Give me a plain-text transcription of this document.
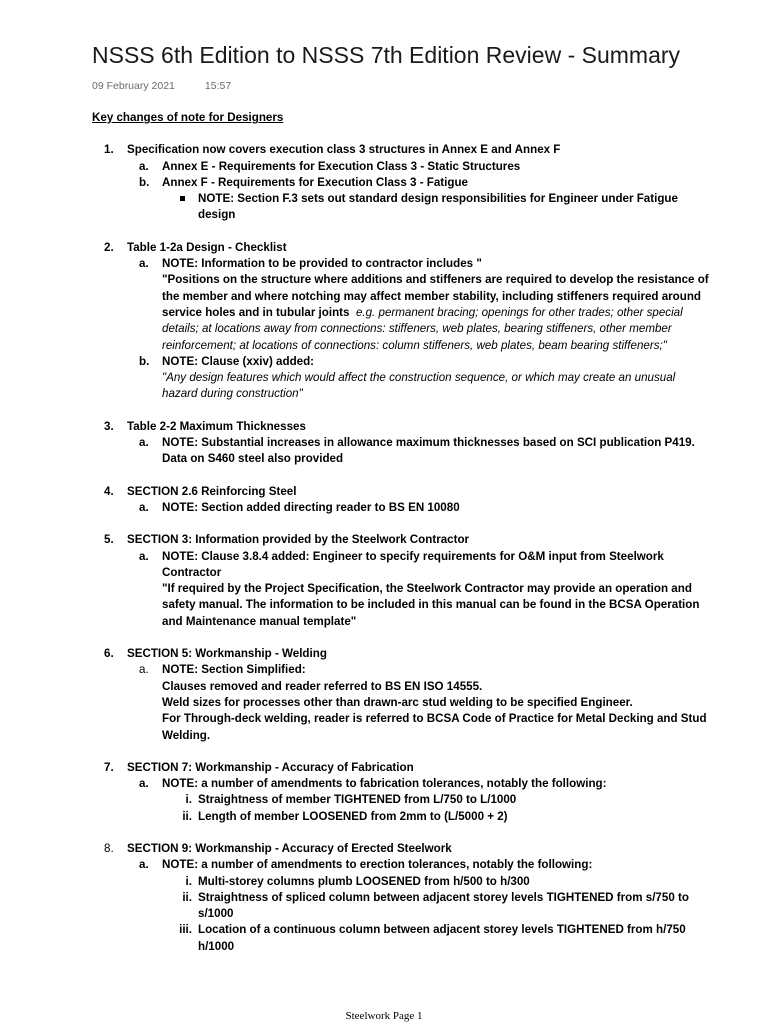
NSSS 6th Edition to NSSS 7th Edition Review - Summary
09 February 2021	15:57
Key changes of note for Designers
1. Specification now covers execution class 3 structures in Annex E and Annex F
a. Annex E - Requirements for Execution Class 3 - Static Structures
b. Annex F - Requirements for Execution Class 3 - Fatigue
NOTE: Section F.3 sets out standard design responsibilities for Engineer under Fatigue design
2. Table 1-2a Design - Checklist
a. NOTE: Information to be provided to contractor includes "
"Positions on the structure where additions and stiffeners are required to develop the resistance of the member and where notching may affect member stability, including stiffeners required around service holes and in tubular joints e.g. permanent bracing; openings for other trades; other special details; at locations away from connections: stiffeners, web plates, bearing stiffeners, other member reinforcement; at locations of connections: column stiffeners, web plates, beam bearing stiffeners;"
b. NOTE: Clause (xxiv) added:
"Any design features which would affect the construction sequence, or which may create an unusual hazard during construction"
3. Table 2-2 Maximum Thicknesses
a. NOTE: Substantial increases in allowance maximum thicknesses based on SCI publication P419. Data on S460 steel also provided
4. SECTION 2.6 Reinforcing Steel
a. NOTE: Section added directing reader to BS EN 10080
5. SECTION 3: Information provided by the Steelwork Contractor
a. NOTE: Clause 3.8.4 added: Engineer to specify requirements for O&M input from Steelwork Contractor
"If required by the Project Specification, the Steelwork Contractor may provide an operation and safety manual. The information to be included in this manual can be found in the BCSA Operation and Maintenance manual template"
6. SECTION 5: Workmanship - Welding
a. NOTE: Section Simplified:
Clauses removed and reader referred to BS EN ISO 14555.
Weld sizes for processes other than drawn-arc stud welding to be specified Engineer.
For Through-deck welding, reader is referred to BCSA Code of Practice for Metal Decking and Stud Welding.
7. SECTION 7: Workmanship - Accuracy of Fabrication
a. NOTE: a number of amendments to fabrication tolerances, notably the following:
i. Straightness of member TIGHTENED from L/750 to L/1000
ii. Length of member LOOSENED from 2mm to (L/5000 + 2)
8. SECTION 9: Workmanship - Accuracy of Erected Steelwork
a. NOTE: a number of amendments to erection tolerances, notably the following:
i. Multi-storey columns plumb LOOSENED from h/500 to h/300
ii. Straightness of spliced column between adjacent storey levels TIGHTENED from s/750 to s/1000
iii. Location of a continuous column between adjacent storey levels TIGHTENED from h/750 h/1000
Steelwork Page 1
